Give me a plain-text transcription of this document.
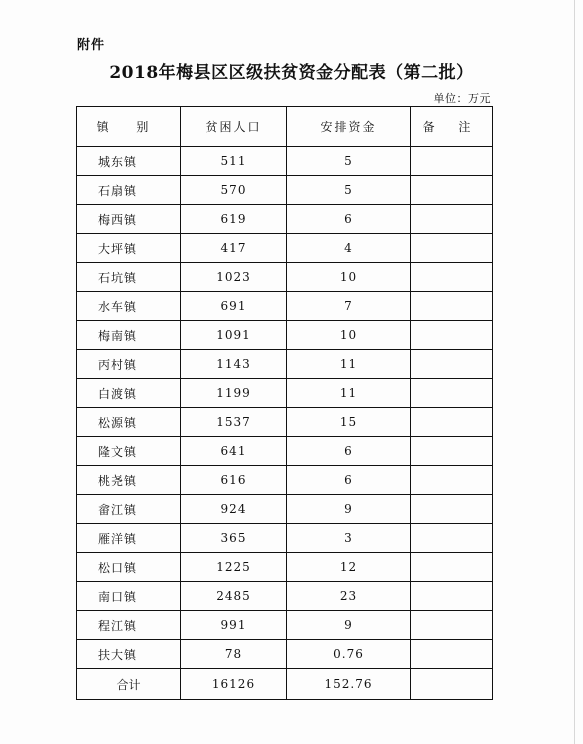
附件
2018年梅县区区级扶贫资金分配表（第二批）
单位：万元
镇 别	贫困人口	安排资金	备 注
城东镇	511	5	
石扇镇	570	5	
梅西镇	619	6	
大坪镇	417	4	
石坑镇	1023	10	
水车镇	691	7	
梅南镇	1091	10	
丙村镇	1143	11	
白渡镇	1199	11	
松源镇	1537	15	
隆文镇	641	6	
桃尧镇	616	6	
畲江镇	924	9	
雁洋镇	365	3	
松口镇	1225	12	
南口镇	2485	23	
程江镇	991	9	
扶大镇	78	0.76	
合计	16126	152.76	
